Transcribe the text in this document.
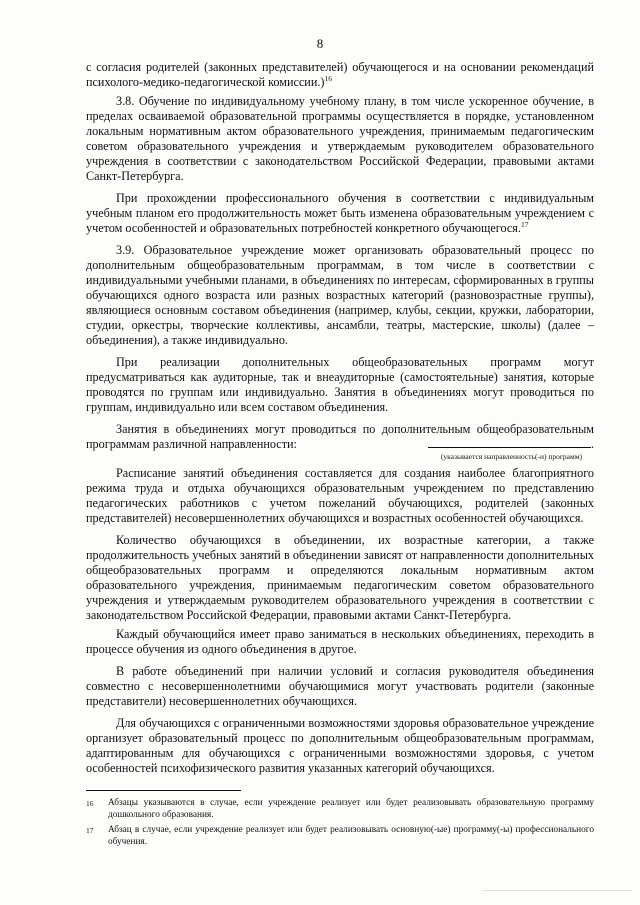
8

с согласия родителей (законных представителей) обучающегося и на основании рекомендаций психолого-медико-педагогической комиссии.)$^{16}$

3.8. Обучение по индивидуальному учебному плану, в том числе ускоренное обучение, в пределах осваиваемой образовательной программы осуществляется в порядке, установленном локальным нормативным актом образовательного учреждения, принимаемым педагогическим советом образовательного учреждения и утверждаемым руководителем образовательного учреждения в соответствии с законодательством Российской Федерации, правовыми актами Санкт-Петербурга.

При прохождении профессионального обучения в соответствии с индивидуальным учебным планом его продолжительность может быть изменена образовательным учреждением с учетом особенностей и образовательных потребностей конкретного обучающегося.$^{17}$

3.9. Образовательное учреждение может организовать образовательный процесс по дополнительным общеобразовательным программам, в том числе в соответствии с индивидуальными учебными планами, в объединениях по интересам, сформированных в группы обучающихся одного возраста или разных возрастных категорий (разновозрастные группы), являющиеся основным составом объединения (например, клубы, секции, кружки, лаборатории, студии, оркестры, творческие коллективы, ансамбли, театры, мастерские, школы) (далее – объединения), а также индивидуально.

При реализации дополнительных общеобразовательных программ могут предусматриваться как аудиторные, так и внеаудиторные (самостоятельные) занятия, которые проводятся по группам или индивидуально. Занятия в объединениях могут проводиться по группам, индивидуально или всем составом объединения.

Занятия в объединениях могут проводиться по дополнительным общеобразовательным программам различной направленности:	.
(указывается направленность(-и) программ)

Расписание занятий объединения составляется для создания наиболее благоприятного режима труда и отдыха обучающихся образовательным учреждением по представлению педагогических работников с учетом пожеланий обучающихся, родителей (законных представителей) несовершеннолетних обучающихся и возрастных особенностей обучающихся.

Количество обучающихся в объединении, их возрастные категории, а также продолжительность учебных занятий в объединении зависят от направленности дополнительных общеобразовательных программ и определяются локальным нормативным актом образовательного учреждения, принимаемым педагогическим советом образовательного учреждения и утверждаемым руководителем образовательного учреждения в соответствии с законодательством Российской Федерации, правовыми актами Санкт-Петербурга.

Каждый обучающийся имеет право заниматься в нескольких объединениях, переходить в процессе обучения из одного объединения в другое.

В работе объединений при наличии условий и согласия руководителя объединения совместно с несовершеннолетними обучающимися могут участвовать родители (законные представители) несовершеннолетних обучающихся.

Для обучающихся с ограниченными возможностями здоровья образовательное учреждение организует образовательный процесс по дополнительным общеобразовательным программам, адаптированным для обучающихся с ограниченными возможностями здоровья, с учетом особенностей психофизического развития указанных категорий обучающихся.

16	Абзацы указываются в случае, если учреждение реализует или будет реализовывать образовательную программу дошкольного образования.
17	Абзац в случае, если учреждение реализует или будет реализовывать основную(-ые) программу(-ы) профессионального обучения.
